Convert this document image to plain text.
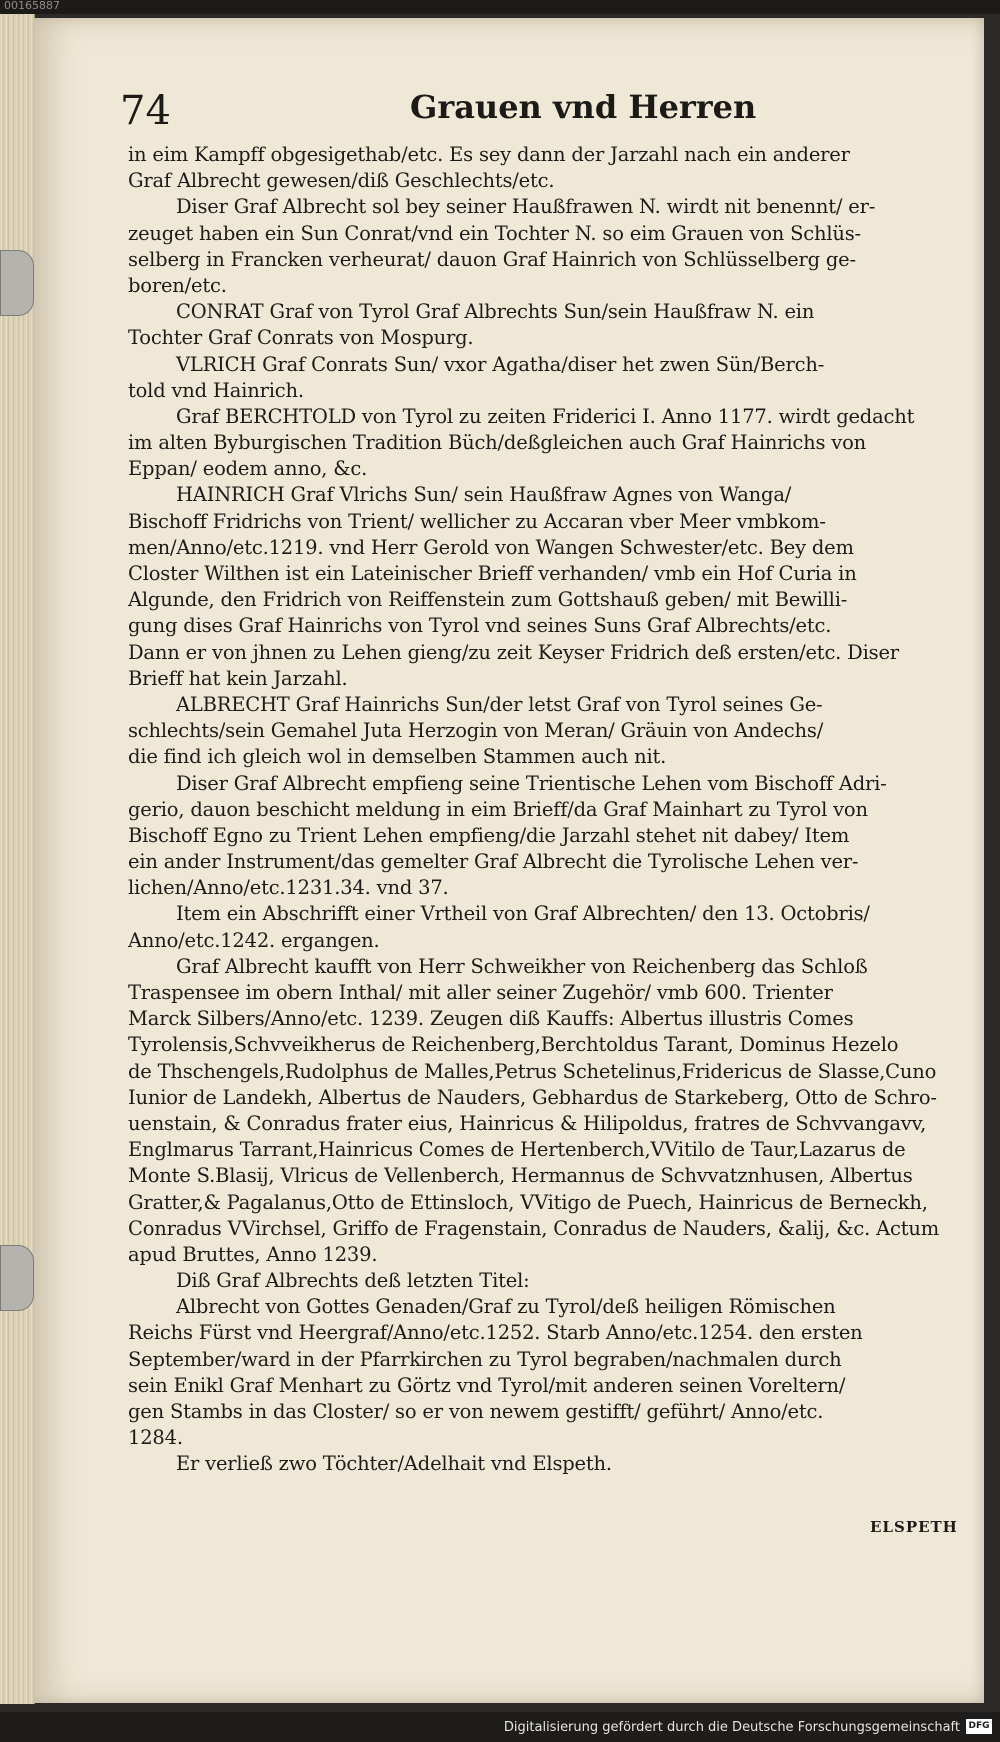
00165887
74	Grauen vnd Herren
in eim Kampff obgesigethab/etc. Es sey dann der Jarzahl nach ein anderer
Graf Albrecht gewesen/diß Geschlechts/etc.
Diser Graf Albrecht sol bey seiner Haußfrawen N. wirdt nit benennt/ er-
zeuget haben ein Sun Conrat/vnd ein Tochter N. so eim Grauen von Schlüs-
selberg in Francken verheurat/ dauon Graf Hainrich von Schlüsselberg ge-
boren/etc.
CONRAT Graf von Tyrol Graf Albrechts Sun/sein Haußfraw N. ein
Tochter Graf Conrats von Mospurg.
VLRICH Graf Conrats Sun/ vxor Agatha/diser het zwen Sün/Berch-
told vnd Hainrich.
Graf BERCHTOLD von Tyrol zu zeiten Friderici I. Anno 1177. wirdt gedacht
im alten Byburgischen Tradition Büch/deßgleichen auch Graf Hainrichs von
Eppan/ eodem anno, &c.
HAINRICH Graf Vlrichs Sun/ sein Haußfraw Agnes von Wanga/
Bischoff Fridrichs von Trient/ wellicher zu Accaran vber Meer vmbkom-
men/Anno/etc.1219. vnd Herr Gerold von Wangen Schwester/etc. Bey dem
Closter Wilthen ist ein Lateinischer Brieff verhanden/ vmb ein Hof Curia in
Algunde, den Fridrich von Reiffenstein zum Gottshauß geben/ mit Bewilli-
gung dises Graf Hainrichs von Tyrol vnd seines Suns Graf Albrechts/etc.
Dann er von jhnen zu Lehen gieng/zu zeit Keyser Fridrich deß ersten/etc. Diser
Brieff hat kein Jarzahl.
ALBRECHT Graf Hainrichs Sun/der letst Graf von Tyrol seines Ge-
schlechts/sein Gemahel Juta Herzogin von Meran/ Gräuin von Andechs/
die find ich gleich wol in demselben Stammen auch nit.
Diser Graf Albrecht empfieng seine Trientische Lehen vom Bischoff Adri-
gerio, dauon beschicht meldung in eim Brieff/da Graf Mainhart zu Tyrol von
Bischoff Egno zu Trient Lehen empfieng/die Jarzahl stehet nit dabey/ Item
ein ander Instrument/das gemelter Graf Albrecht die Tyrolische Lehen ver-
lichen/Anno/etc.1231.34. vnd 37.
Item ein Abschrifft einer Vrtheil von Graf Albrechten/ den 13. Octobris/
Anno/etc.1242. ergangen.
Graf Albrecht kaufft von Herr Schweikher von Reichenberg das Schloß
Traspensee im obern Inthal/ mit aller seiner Zugehör/ vmb 600. Trienter
Marck Silbers/Anno/etc. 1239. Zeugen diß Kauffs: Albertus illustris Comes
Tyrolensis,Schvveikherus de Reichenberg,Berchtoldus Tarant, Dominus Hezelo
de Thschengels,Rudolphus de Malles,Petrus Schetelinus,Fridericus de Slasse,Cuno
Iunior de Landekh, Albertus de Nauders, Gebhardus de Starkeberg, Otto de Schro-
uenstain, & Conradus frater eius, Hainricus & Hilipoldus, fratres de Schvvangavv,
Englmarus Tarrant,Hainricus Comes de Hertenberch,VVitilo de Taur,Lazarus de
Monte S.Blasij, Vlricus de Vellenberch, Hermannus de Schvvatznhusen, Albertus
Gratter,& Pagalanus,Otto de Ettinsloch, VVitigo de Puech, Hainricus de Berneckh,
Conradus VVirchsel, Griffo de Fragenstain, Conradus de Nauders, &alij, &c. Actum
apud Bruttes, Anno 1239.
Diß Graf Albrechts deß letzten Titel:
Albrecht von Gottes Genaden/Graf zu Tyrol/deß heiligen Römischen
Reichs Fürst vnd Heergraf/Anno/etc.1252. Starb Anno/etc.1254. den ersten
September/ward in der Pfarrkirchen zu Tyrol begraben/nachmalen durch
sein Enikl Graf Menhart zu Görtz vnd Tyrol/mit anderen seinen Voreltern/
gen Stambs in das Closter/ so er von newem gestifft/ geführt/ Anno/etc.
1284.
Er verließ zwo Töchter/Adelhait vnd Elspeth.
ELSPETH
Digitalisierung gefördert durch die Deutsche Forschungsgemeinschaft DFG
